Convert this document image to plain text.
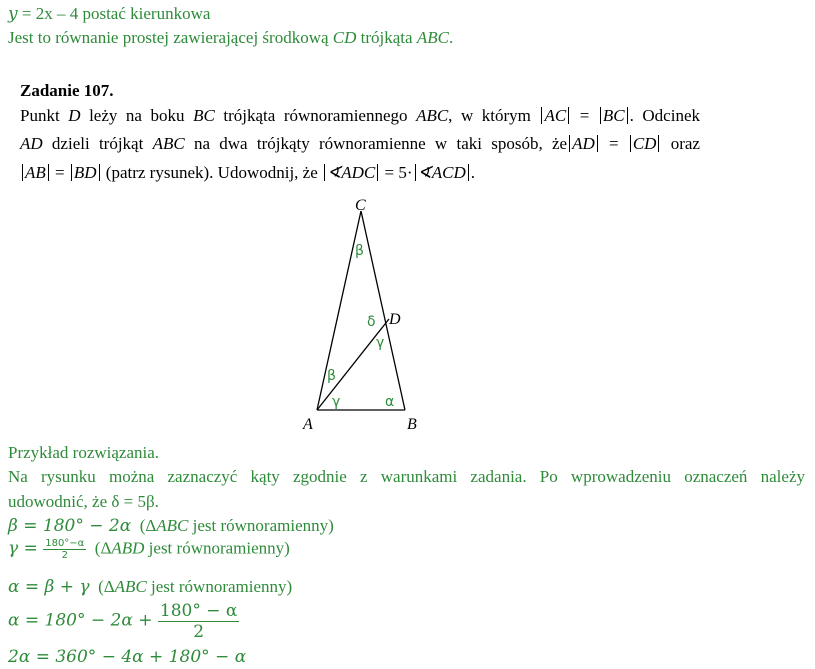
y = 2x – 4 postać kierunkowa
Jest to równanie prostej zawierającej środkową CD trójkąta ABC.
Zadanie 107.
Punkt D leży na boku BC trójkąta równoramiennego ABC, w którym AC = BC . Odcinek
AD dzieli trójkąt ABC na dwa trójkąty równoramienne w taki sposób, że AD = CD oraz
AB = BD (patrz rysunek). Udowodnij, że ∢ADC = 5· ∢ACD .
C
D
A	B
β
δ
γ
β
γ	α
Przykład rozwiązania.
Na rysunku można zaznaczyć kąty zgodnie z warunkami zadania. Po wprowadzeniu oznaczeń należy
udowodnić, że δ = 5β.
β = 180° − 2α (ΔABC jest równoramienny)
$\gamma = \frac{180^\circ-\alpha}{2} (\Delta ABD$ jest równoramienny)
α = β + γ (ΔABC jest równoramienny)
$\alpha = 180^\circ - 2\alpha + \frac{180^\circ - \alpha}{2}$
2α = 360° − 4α + 180° − α
